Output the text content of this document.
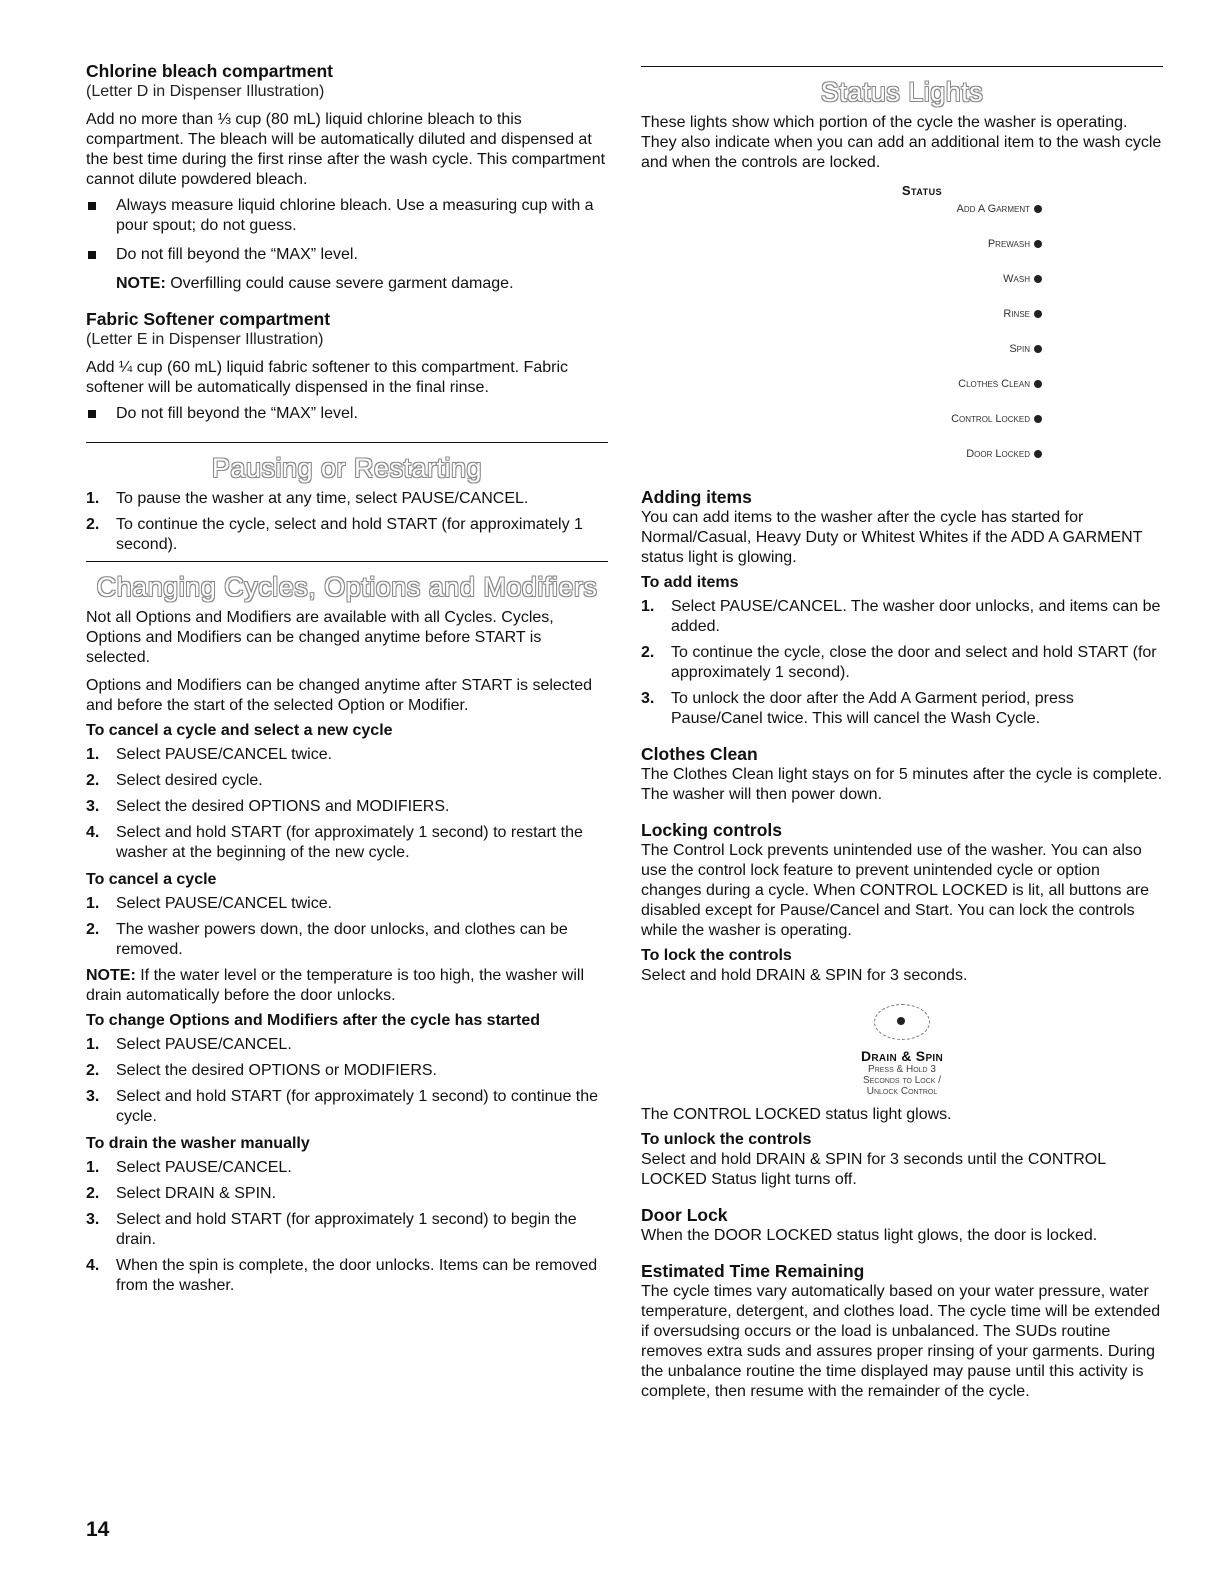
Chlorine bleach compartment

(Letter D in Dispenser Illustration)

Add no more than ⅓ cup (80 mL) liquid chlorine bleach to this compartment. The bleach will be automatically diluted and dispensed at the best time during the first rinse after the wash cycle. This compartment cannot dilute powdered bleach.

Always measure liquid chlorine bleach. Use a measuring cup with a pour spout; do not guess.
Do not fill beyond the “MAX” level.
NOTE: Overfilling could cause severe garment damage.
Fabric Softener compartment

(Letter E in Dispenser Illustration)

Add ¼ cup (60 mL) liquid fabric softener to this compartment. Fabric softener will be automatically dispensed in the final rinse.

Do not fill beyond the “MAX” level.
Pausing or Restarting
1. To pause the washer at any time, select PAUSE/CANCEL.
2. To continue the cycle, select and hold START (for approximately 1 second).
Changing Cycles, Options and Modifiers

Not all Options and Modifiers are available with all Cycles. Cycles, Options and Modifiers can be changed anytime before START is selected.

Options and Modifiers can be changed anytime after START is selected and before the start of the selected Option or Modifier.

To cancel a cycle and select a new cycle
1. Select PAUSE/CANCEL twice.
2. Select desired cycle.
3. Select the desired OPTIONS and MODIFIERS.
4. Select and hold START (for approximately 1 second) to restart the washer at the beginning of the new cycle.
To cancel a cycle
1. Select PAUSE/CANCEL twice.
2. The washer powers down, the door unlocks, and clothes can be removed.

NOTE: If the water level or the temperature is too high, the washer will drain automatically before the door unlocks.

To change Options and Modifiers after the cycle has started
1. Select PAUSE/CANCEL.
2. Select the desired OPTIONS or MODIFIERS.
3. Select and hold START (for approximately 1 second) to continue the cycle.
To drain the washer manually
1. Select PAUSE/CANCEL.
2. Select DRAIN & SPIN.
3. Select and hold START (for approximately 1 second) to begin the drain.
4. When the spin is complete, the door unlocks. Items can be removed from the washer.
Status Lights

These lights show which portion of the cycle the washer is operating. They also indicate when you can add an additional item to the wash cycle and when the controls are locked.

Status
Add A Garment
Prewash
Wash
Rinse
Spin
Clothes Clean
Control Locked
Door Locked
Adding items

You can add items to the washer after the cycle has started for Normal/Casual, Heavy Duty or Whitest Whites if the ADD A GARMENT status light is glowing.

To add items
1. Select PAUSE/CANCEL. The washer door unlocks, and items can be added.
2. To continue the cycle, close the door and select and hold START (for approximately 1 second).
3. To unlock the door after the Add A Garment period, press Pause/Canel twice. This will cancel the Wash Cycle.
Clothes Clean

The Clothes Clean light stays on for 5 minutes after the cycle is complete. The washer will then power down.

Locking controls

The Control Lock prevents unintended use of the washer. You can also use the control lock feature to prevent unintended cycle or option changes during a cycle. When CONTROL LOCKED is lit, all buttons are disabled except for Pause/Cancel and Start. You can lock the controls while the washer is operating.

To lock the controls

Select and hold DRAIN & SPIN for 3 seconds.

Drain & Spin
Press & Hold 3
Seconds to Lock /
Unlock Control

The CONTROL LOCKED status light glows.

To unlock the controls

Select and hold DRAIN & SPIN for 3 seconds until the CONTROL LOCKED Status light turns off.

Door Lock

When the DOOR LOCKED status light glows, the door is locked.

Estimated Time Remaining

The cycle times vary automatically based on your water pressure, water temperature, detergent, and clothes load. The cycle time will be extended if oversudsing occurs or the load is unbalanced. The SUDs routine removes extra suds and assures proper rinsing of your garments. During the unbalance routine the time displayed may pause until this activity is complete, then resume with the remainder of the cycle.

14
